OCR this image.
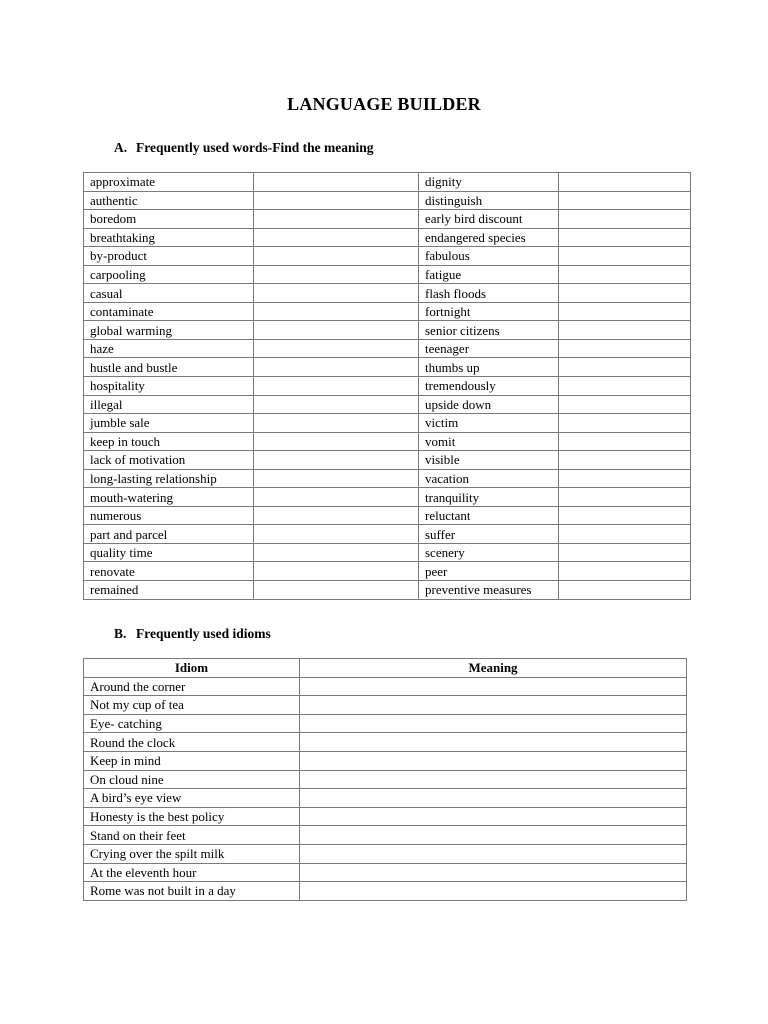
LANGUAGE BUILDER
A. Frequently used words-Find the meaning
approximate		dignity	
authentic		distinguish	
boredom		early bird discount	
breathtaking		endangered species	
by-product		fabulous	
carpooling		fatigue	
casual		flash floods	
contaminate		fortnight	
global warming		senior citizens	
haze		teenager	
hustle and bustle		thumbs up	
hospitality		tremendously	
illegal		upside down	
jumble sale		victim	
keep in touch		vomit	
lack of motivation		visible	
long-lasting relationship		vacation	
mouth-watering		tranquility	
numerous		reluctant	
part and parcel		suffer	
quality time		scenery	
renovate		peer	
remained		preventive measures	
B. Frequently used idioms
Idiom	Meaning
Around the corner	
Not my cup of tea	
Eye- catching	
Round the clock	
Keep in mind	
On cloud nine	
A bird’s eye view	
Honesty is the best policy	
Stand on their feet	
Crying over the spilt milk	
At the eleventh hour	
Rome was not built in a day	
